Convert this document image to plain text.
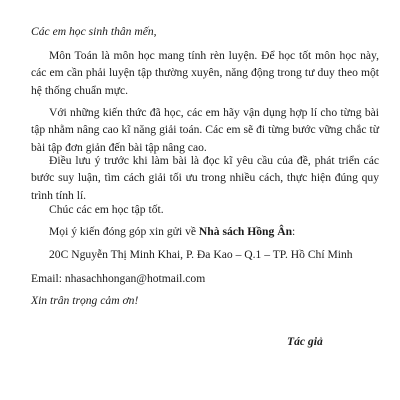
Các em học sinh thân mến,

Môn Toán là môn học mang tính rèn luyện. Để học tốt môn học này, các em cần phải luyện tập thường xuyên, năng động trong tư duy theo một hệ thống chuẩn mực.

Với những kiến thức đã học, các em hãy vận dụng hợp lí cho từng bài tập nhằm nâng cao kĩ năng giải toán. Các em sẽ đi từng bước vững chắc từ bài tập đơn giản đến bài tập nâng cao.

Điều lưu ý trước khi làm bài là đọc kĩ yêu cầu của đề, phát triển các bước suy luận, tìm cách giải tối ưu trong nhiều cách, thực hiện đúng quy trình tính lí.

Chúc các em học tập tốt.

Mọi ý kiến đóng góp xin gửi về Nhà sách Hồng Ân:

20C Nguyễn Thị Minh Khai, P. Đa Kao – Q.1 – TP. Hồ Chí Minh

Email: nhasachhongan@hotmail.com

Xin trân trọng cảm ơn!

Tác giả
